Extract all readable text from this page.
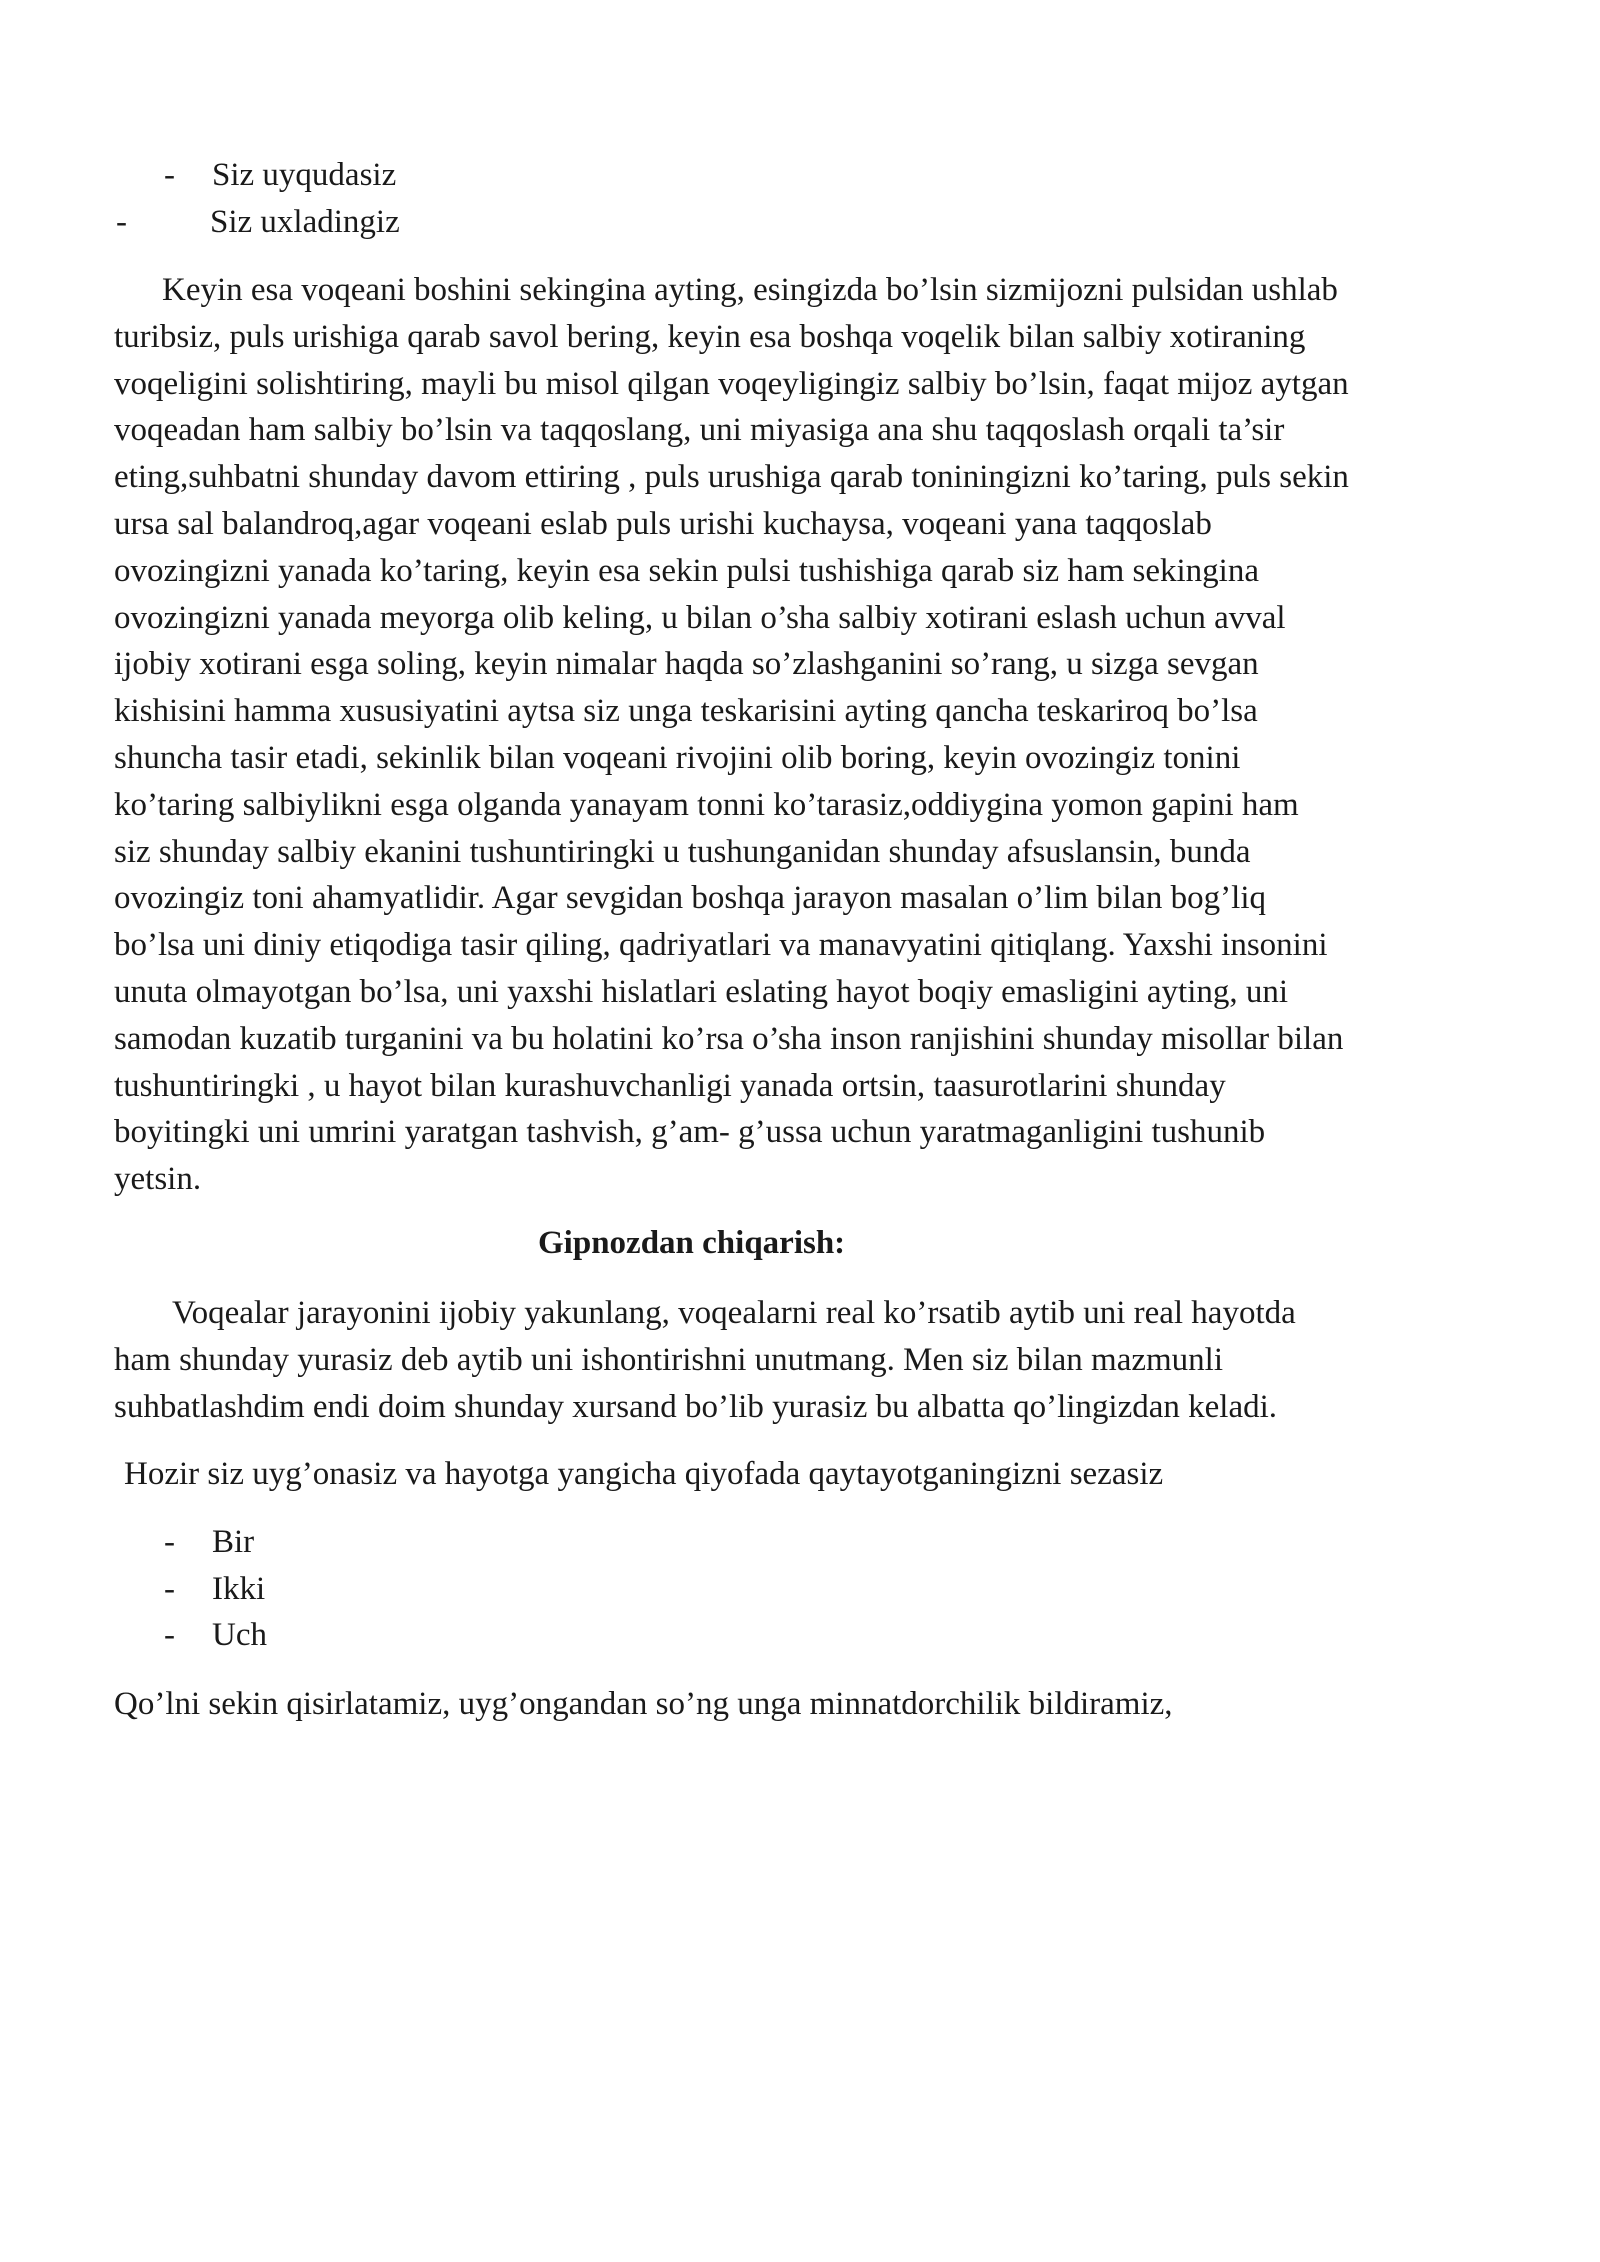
- Siz uyqudasiz
-	Siz uxladingiz
Keyin esa voqeani boshini sekingina ayting, esingizda bo’lsin sizmijozni pulsidan ushlab
turibsiz, puls urishiga qarab savol bering, keyin esa boshqa voqelik bilan salbiy xotiraning
voqeligini solishtiring, mayli bu misol qilgan voqeyligingiz salbiy bo’lsin, faqat mijoz aytgan
voqeadan ham salbiy bo’lsin va taqqoslang, uni miyasiga ana shu taqqoslash orqali ta’sir
eting,suhbatni shunday davom ettiring , puls urushiga qarab toniningizni ko’taring, puls sekin
ursa sal balandroq,agar voqeani eslab puls urishi kuchaysa, voqeani yana taqqoslab
ovozingizni yanada ko’taring, keyin esa sekin pulsi tushishiga qarab siz ham sekingina
ovozingizni yanada meyorga olib keling, u bilan o’sha salbiy xotirani eslash uchun avval
ijobiy xotirani esga soling, keyin nimalar haqda so’zlashganini so’rang, u sizga sevgan
kishisini hamma xususiyatini aytsa siz unga teskarisini ayting qancha teskariroq bo’lsa
shuncha tasir etadi, sekinlik bilan voqeani rivojini olib boring, keyin ovozingiz tonini
ko’taring salbiylikni esga olganda yanayam tonni ko’tarasiz,oddiygina yomon gapini ham
siz shunday salbiy ekanini tushuntiringki u tushunganidan shunday afsuslansin, bunda
ovozingiz toni ahamyatlidir. Agar sevgidan boshqa jarayon masalan o’lim bilan bog’liq
bo’lsa uni diniy etiqodiga tasir qiling, qadriyatlari va manavyatini qitiqlang. Yaxshi insonini
unuta olmayotgan bo’lsa, uni yaxshi hislatlari eslating hayot boqiy emasligini ayting, uni
samodan kuzatib turganini va bu holatini ko’rsa o’sha inson ranjishini shunday misollar bilan
tushuntiringki , u hayot bilan kurashuvchanligi yanada ortsin, taasurotlarini shunday
boyitingki uni umrini yaratgan tashvish, g’am- g’ussa uchun yaratmaganligini tushunib
yetsin.
Gipnozdan chiqarish:
Voqealar jarayonini ijobiy yakunlang, voqealarni real ko’rsatib aytib uni real hayotda
ham shunday yurasiz deb aytib uni ishontirishni unutmang. Men siz bilan mazmunli
suhbatlashdim endi doim shunday xursand bo’lib yurasiz bu albatta qo’lingizdan keladi.
Hozir siz uyg’onasiz va hayotga yangicha qiyofada qaytayotganingizni sezasiz
- Bir
- Ikki
- Uch
Qo’lni sekin qisirlatamiz, uyg’ongandan so’ng unga minnatdorchilik bildiramiz,
